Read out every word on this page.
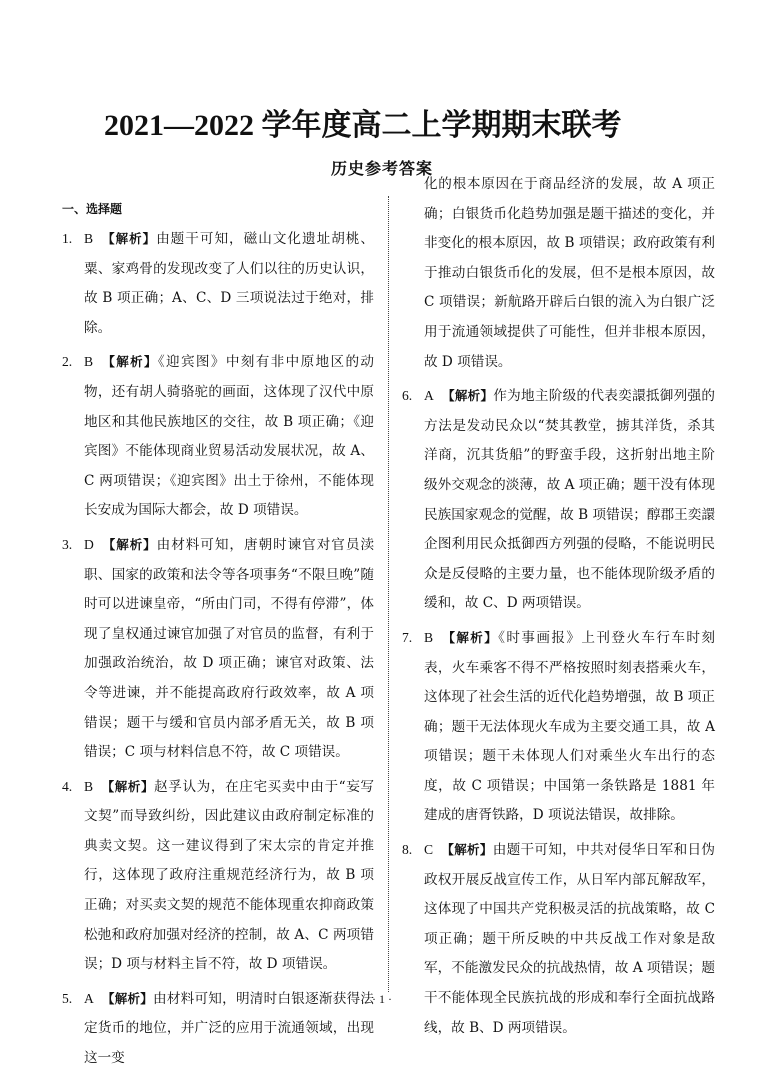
2021—2022 学年度高二上学期期末联考
历史参考答案
一、选择题

1. B 【解析】由题干可知，磁山文化遗址胡桃、粟、家鸡骨的发现改变了人们以往的历史认识，故 B 项正确；A、C、D 三项说法过于绝对，排除。

2. B 【解析】《迎宾图》中刻有非中原地区的动物，还有胡人骑骆驼的画面，这体现了汉代中原地区和其他民族地区的交往，故 B 项正确；《迎宾图》不能体现商业贸易活动发展状况，故 A、C 两项错误；《迎宾图》出土于徐州，不能体现长安成为国际大都会，故 D 项错误。

3. D 【解析】由材料可知，唐朝时谏官对官员渎职、国家的政策和法令等各项事务“不限旦晚”随时可以进谏皇帝，“所由门司，不得有停滞”，体现了皇权通过谏官加强了对官员的监督，有利于加强政治统治，故 D 项正确；谏官对政策、法令等进谏，并不能提高政府行政效率，故 A 项错误；题干与缓和官员内部矛盾无关，故 B 项错误；C 项与材料信息不符，故 C 项错误。

4. B 【解析】赵孚认为，在庄宅买卖中由于“妄写文契”而导致纠纷，因此建议由政府制定标准的典卖文契。这一建议得到了宋太宗的肯定并推行，这体现了政府注重规范经济行为，故 B 项正确；对买卖文契的规范不能体现重农抑商政策松弛和政府加强对经济的控制，故 A、C 两项错误；D 项与材料主旨不符，故 D 项错误。

5. A 【解析】由材料可知，明清时白银逐渐获得法定货币的地位，并广泛的应用于流通领域，出现这一变

化的根本原因在于商品经济的发展，故 A 项正确；白银货币化趋势加强是题干描述的变化，并非变化的根本原因，故 B 项错误；政府政策有利于推动白银货币化的发展，但不是根本原因，故 C 项错误；新航路开辟后白银的流入为白银广泛用于流通领域提供了可能性，但并非根本原因，故 D 项错误。

6. A 【解析】作为地主阶级的代表奕譞抵御列强的方法是发动民众以“焚其教堂，掳其洋货，杀其洋商，沉其货船”的野蛮手段，这折射出地主阶级外交观念的淡薄，故 A 项正确；题干没有体现民族国家观念的觉醒，故 B 项错误；醇郡王奕譞企图利用民众抵御西方列强的侵略，不能说明民众是反侵略的主要力量，也不能体现阶级矛盾的缓和，故 C、D 两项错误。

7. B 【解析】《时事画报》上刊登火车行车时刻表，火车乘客不得不严格按照时刻表搭乘火车，这体现了社会生活的近代化趋势增强，故 B 项正确；题干无法体现火车成为主要交通工具，故 A 项错误；题干未体现人们对乘坐火车出行的态度，故 C 项错误；中国第一条铁路是 1881 年建成的唐胥铁路，D 项说法错误，故排除。

8. C 【解析】由题干可知，中共对侵华日军和日伪政权开展反战宣传工作，从日军内部瓦解敌军，这体现了中国共产党积极灵活的抗战策略，故 C 项正确；题干所反映的中共反战工作对象是敌军，不能激发民众的抗战热情，故 A 项错误；题干不能体现全民族抗战的形成和奉行全面抗战路线，故 B、D 两项错误。

· 1 ·
